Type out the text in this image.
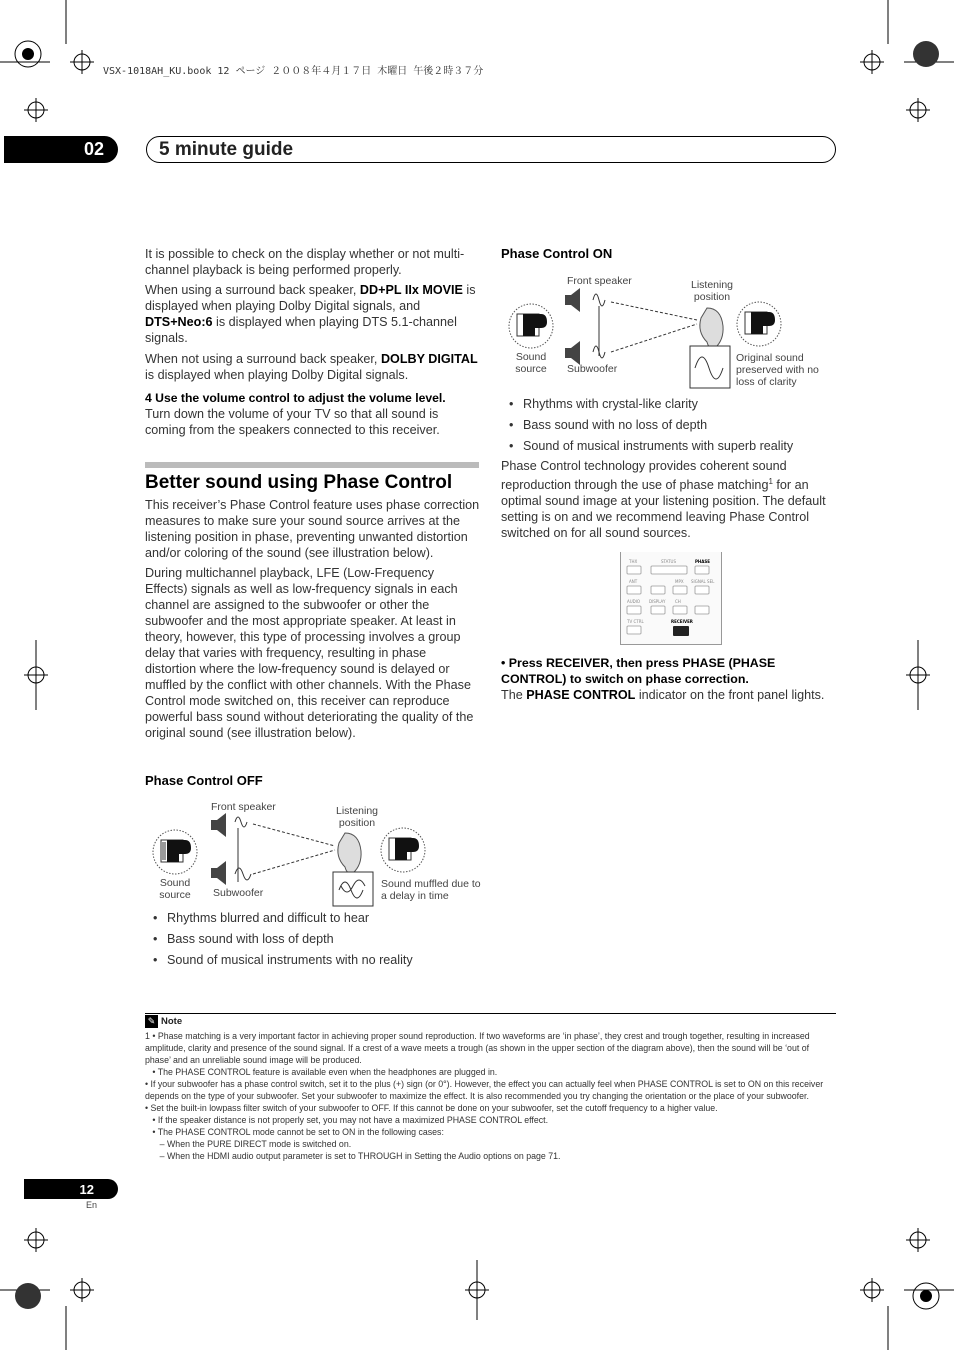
VSX-1018AH_KU.book 12 ページ ２００８年４月１７日 木曜日 午後２時３７分
02	5 minute guide

It is possible to check on the display whether or not multi-channel playback is being performed properly.

When using a surround back speaker, DD+PL IIx MOVIE is displayed when playing Dolby Digital signals, and DTS+Neo:6 is displayed when playing DTS 5.1-channel signals.

When not using a surround back speaker, DOLBY DIGITAL is displayed when playing Dolby Digital signals.

4 Use the volume control to adjust the volume level.

Turn down the volume of your TV so that all sound is coming from the speakers connected to this receiver.

Better sound using Phase Control

This receiver’s Phase Control feature uses phase correction measures to make sure your sound source arrives at the listening position in phase, preventing unwanted distortion and/or coloring of the sound (see illustration below).

During multichannel playback, LFE (Low-Frequency Effects) signals as well as low-frequency signals in each channel are assigned to the subwoofer or other the subwoofer and the most appropriate speaker. At least in theory, however, this type of processing involves a group delay that varies with frequency, resulting in phase distortion where the low-frequency sound is delayed or muffled by the conflict with other channels. With the Phase Control mode switched on, this receiver can reproduce powerful bass sound without deteriorating the quality of the original sound (see illustration below).

Phase Control OFF
Front speaker	Listening position
Sound source Subwoofer
Sound muffled due to a delay in time
• Rhythms blurred and difficult to hear
• Bass sound with loss of depth
• Sound of musical instruments with no reality
Phase Control ON
Front speaker	Listening position
Sound source Subwoofer
Original sound preserved with no loss of clarity
• Rhythms with crystal-like clarity
• Bass sound with no loss of depth
• Sound of musical instruments with superb reality

Phase Control technology provides coherent sound reproduction through the use of phase matching$^1$ for an optimal sound image at your listening position. The default setting is on and we recommend leaving Phase Control switched on for all sound sources.

THX	STATUS	PHASE
ANT	MPX SIGNAL SEL
AUDIO DISPLAY CH
TV CTRL	RECEIVER

• Press RECEIVER, then press PHASE (PHASE CONTROL) to switch on phase correction.

The PHASE CONTROL indicator on the front panel lights.

✎ Note

1 • Phase matching is a very important factor in achieving proper sound reproduction. If two waveforms are ‘in phase’, they crest and trough together, resulting in increased amplitude, clarity and presence of the sound signal. If a crest of a wave meets a trough (as shown in the upper section of the diagram above), then the sound will be ‘out of phase’ and an unreliable sound image will be produced.

• The PHASE CONTROL feature is available even when the headphones are plugged in.

• If your subwoofer has a phase control switch, set it to the plus (+) sign (or 0°). However, the effect you can actually feel when PHASE CONTROL is set to ON on this receiver depends on the type of your subwoofer. Set your subwoofer to maximize the effect. It is also recommended you try changing the orientation or the place of your subwoofer.

• Set the built-in lowpass filter switch of your subwoofer to OFF. If this cannot be done on your subwoofer, set the cutoff frequency to a higher value.

• If the speaker distance is not properly set, you may not have a maximized PHASE CONTROL effect.

• The PHASE CONTROL mode cannot be set to ON in the following cases:

– When the PURE DIRECT mode is switched on.

– When the HDMI audio output parameter is set to THROUGH in Setting the Audio options on page 71.

12
En
